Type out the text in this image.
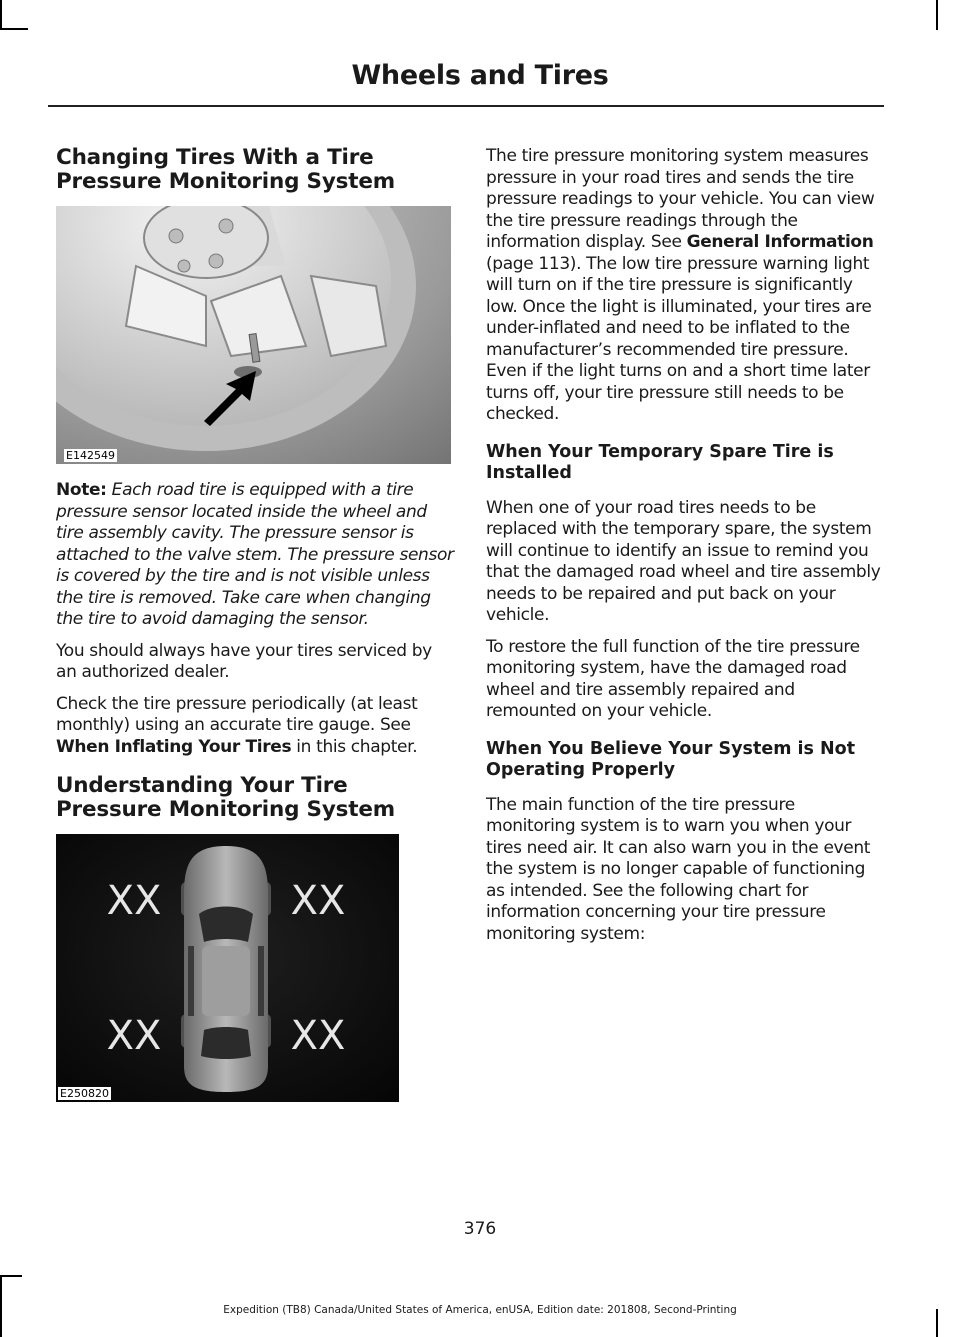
Wheels and Tires
Changing Tires With a Tire Pressure Monitoring System
E142549

Note: Each road tire is equipped with a tire pressure sensor located inside the wheel and tire assembly cavity. The pressure sensor is attached to the valve stem. The pressure sensor is covered by the tire and is not visible unless the tire is removed. Take care when changing the tire to avoid damaging the sensor.

You should always have your tires serviced by an authorized dealer.

Check the tire pressure periodically (at least monthly) using an accurate tire gauge. See When Inflating Your Tires in this chapter.

Understanding Your Tire Pressure Monitoring System
XX	XX
XX	XX
E250820

The tire pressure monitoring system measures pressure in your road tires and sends the tire pressure readings to your vehicle. You can view the tire pressure readings through the information display. See General Information (page 113). The low tire pressure warning light will turn on if the tire pressure is significantly low. Once the light is illuminated, your tires are under-inflated and need to be inflated to the manufacturer’s recommended tire pressure. Even if the light turns on and a short time later turns off, your tire pressure still needs to be checked.

When Your Temporary Spare Tire is Installed

When one of your road tires needs to be replaced with the temporary spare, the system will continue to identify an issue to remind you that the damaged road wheel and tire assembly needs to be repaired and put back on your vehicle.

To restore the full function of the tire pressure monitoring system, have the damaged road wheel and tire assembly repaired and remounted on your vehicle.

When You Believe Your System is Not Operating Properly

The main function of the tire pressure monitoring system is to warn you when your tires need air. It can also warn you in the event the system is no longer capable of functioning as intended. See the following chart for information concerning your tire pressure monitoring system:

376
Expedition (TB8) Canada/United States of America, enUSA, Edition date: 201808, Second-Printing
